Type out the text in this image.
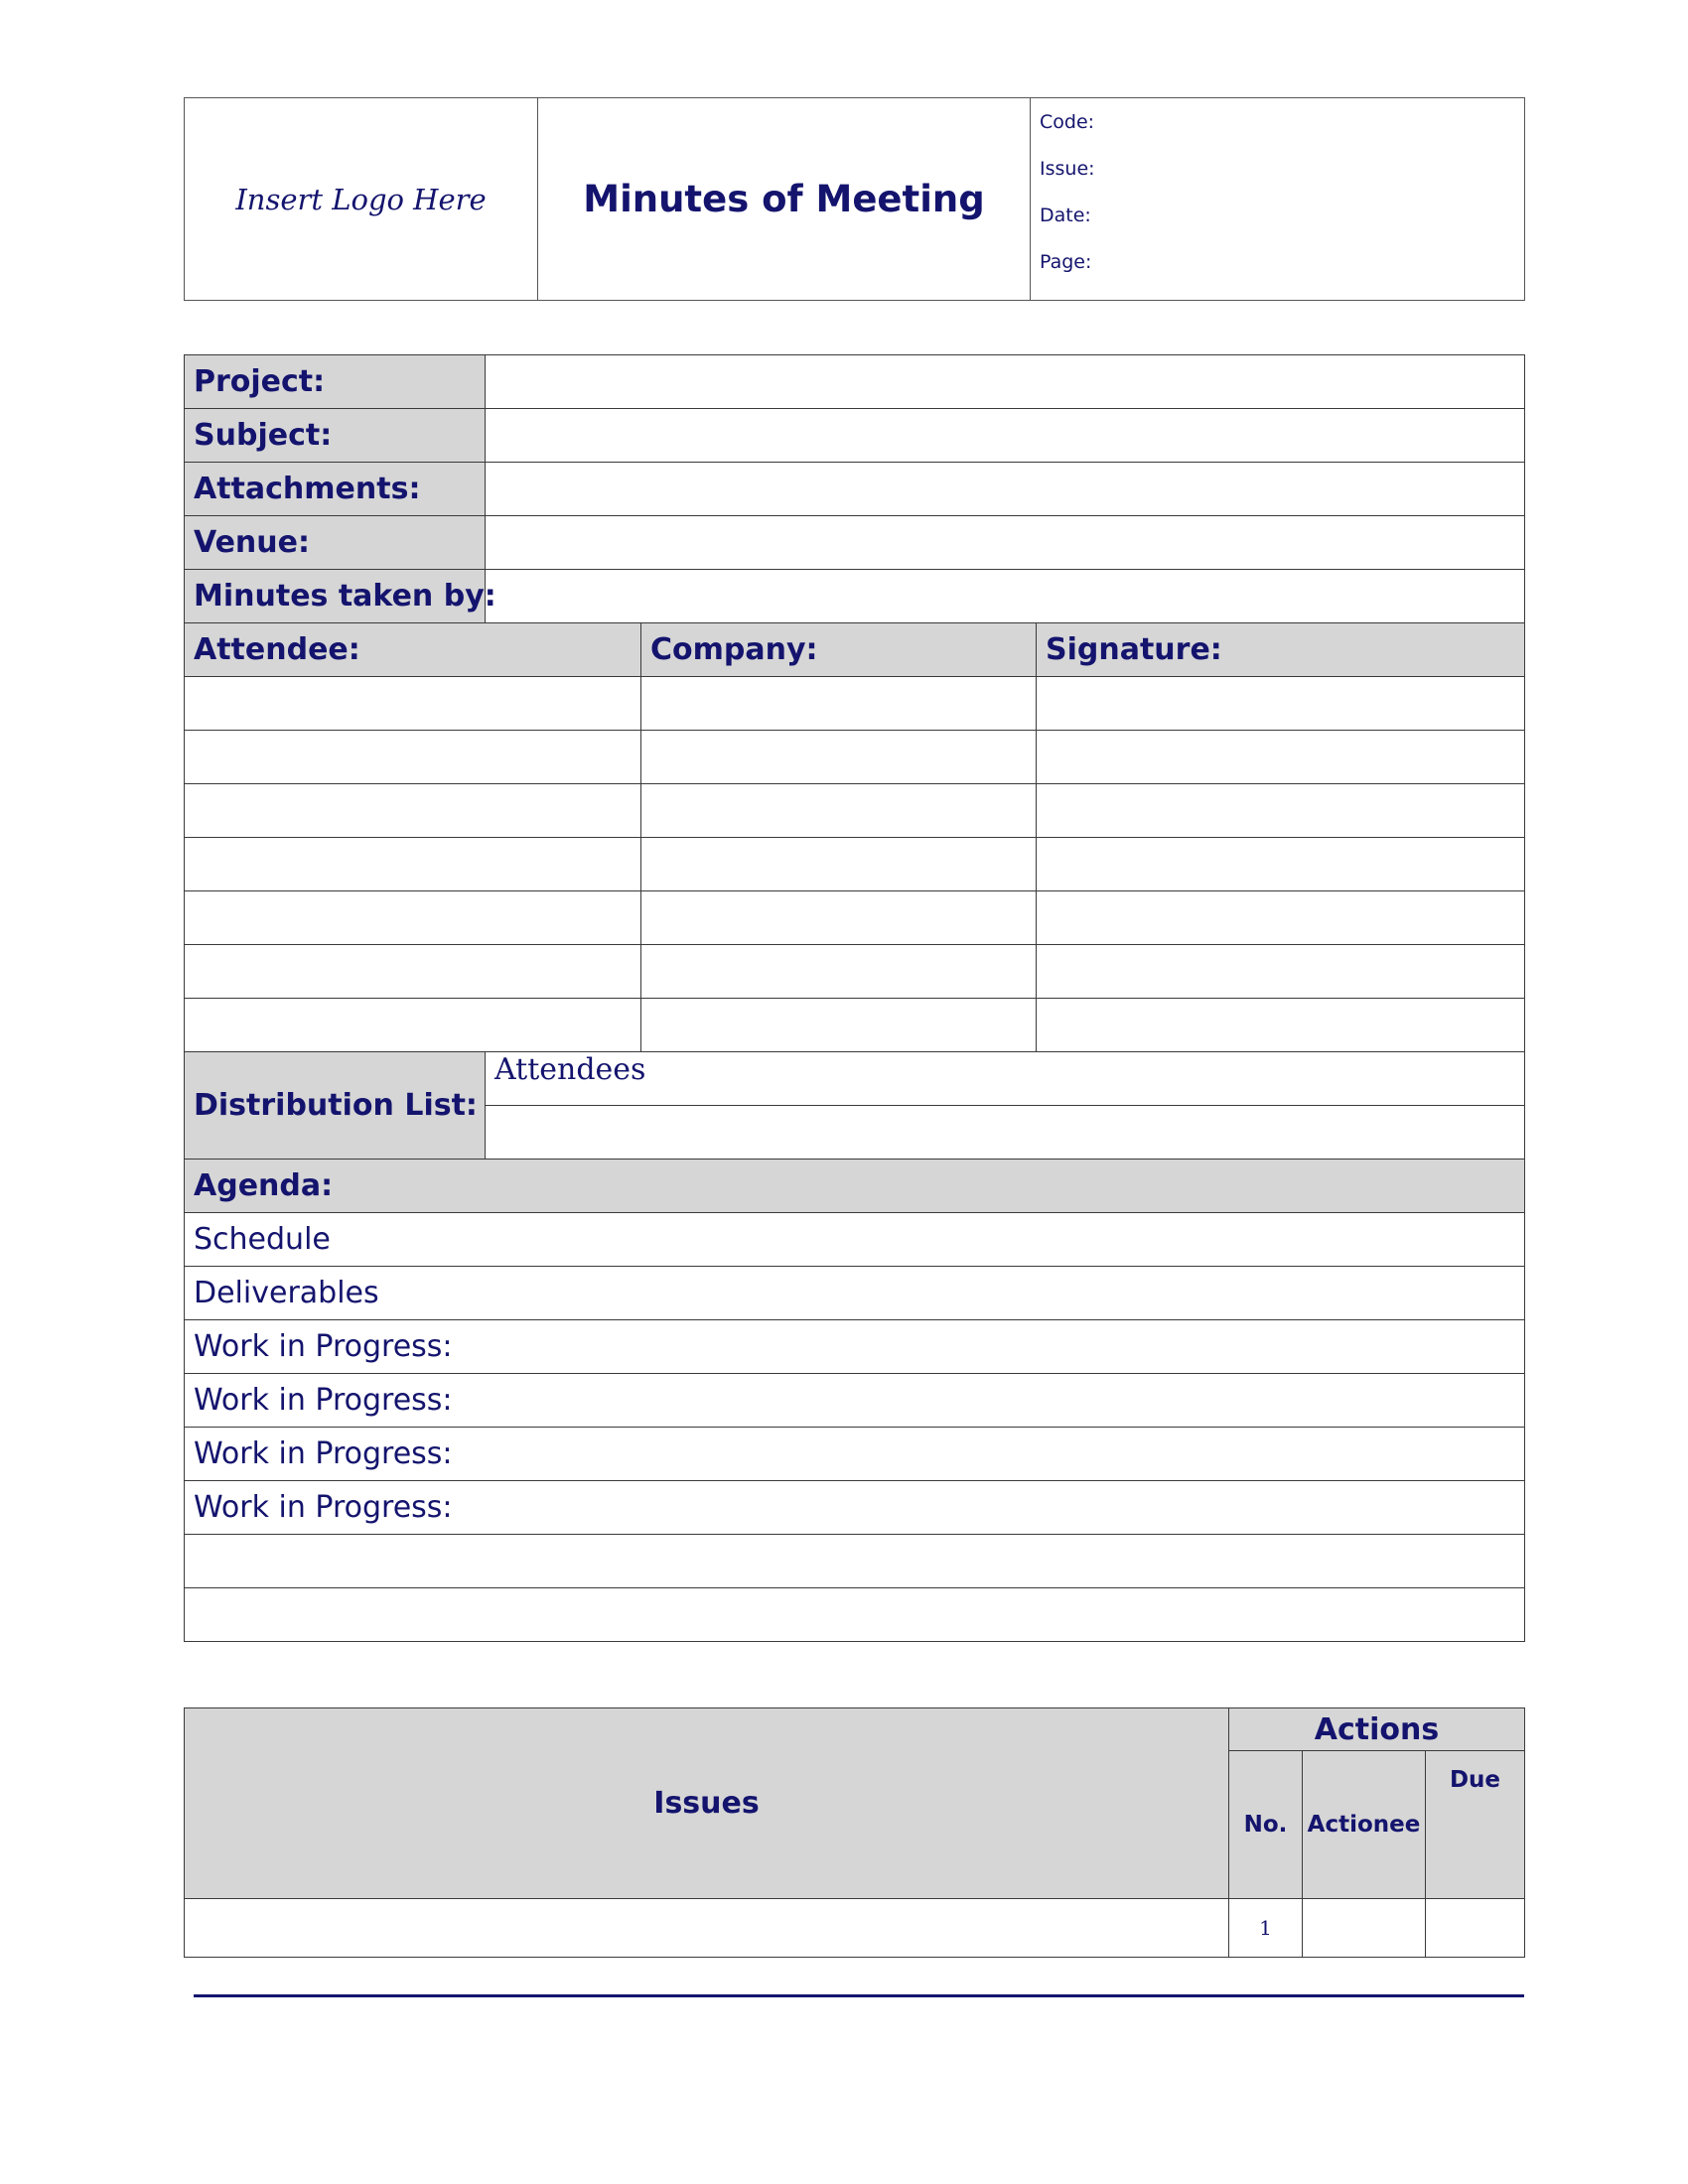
Insert Logo Here	Minutes of Meeting	
Code:
Issue:
Date:
Page:
Project:			
Subject:			
Attachments:			
Venue:			
Minutes taken by:			
Attendee:		Company:	Signature:

Distribution List:	Attendees		

Agenda:			
Schedule			
Deliverables			
Work in Progress:			
Work in Progress:			
Work in Progress:			
Work in Progress:			

Issues	Actions		
	No.	Actionee	Due
	1		
